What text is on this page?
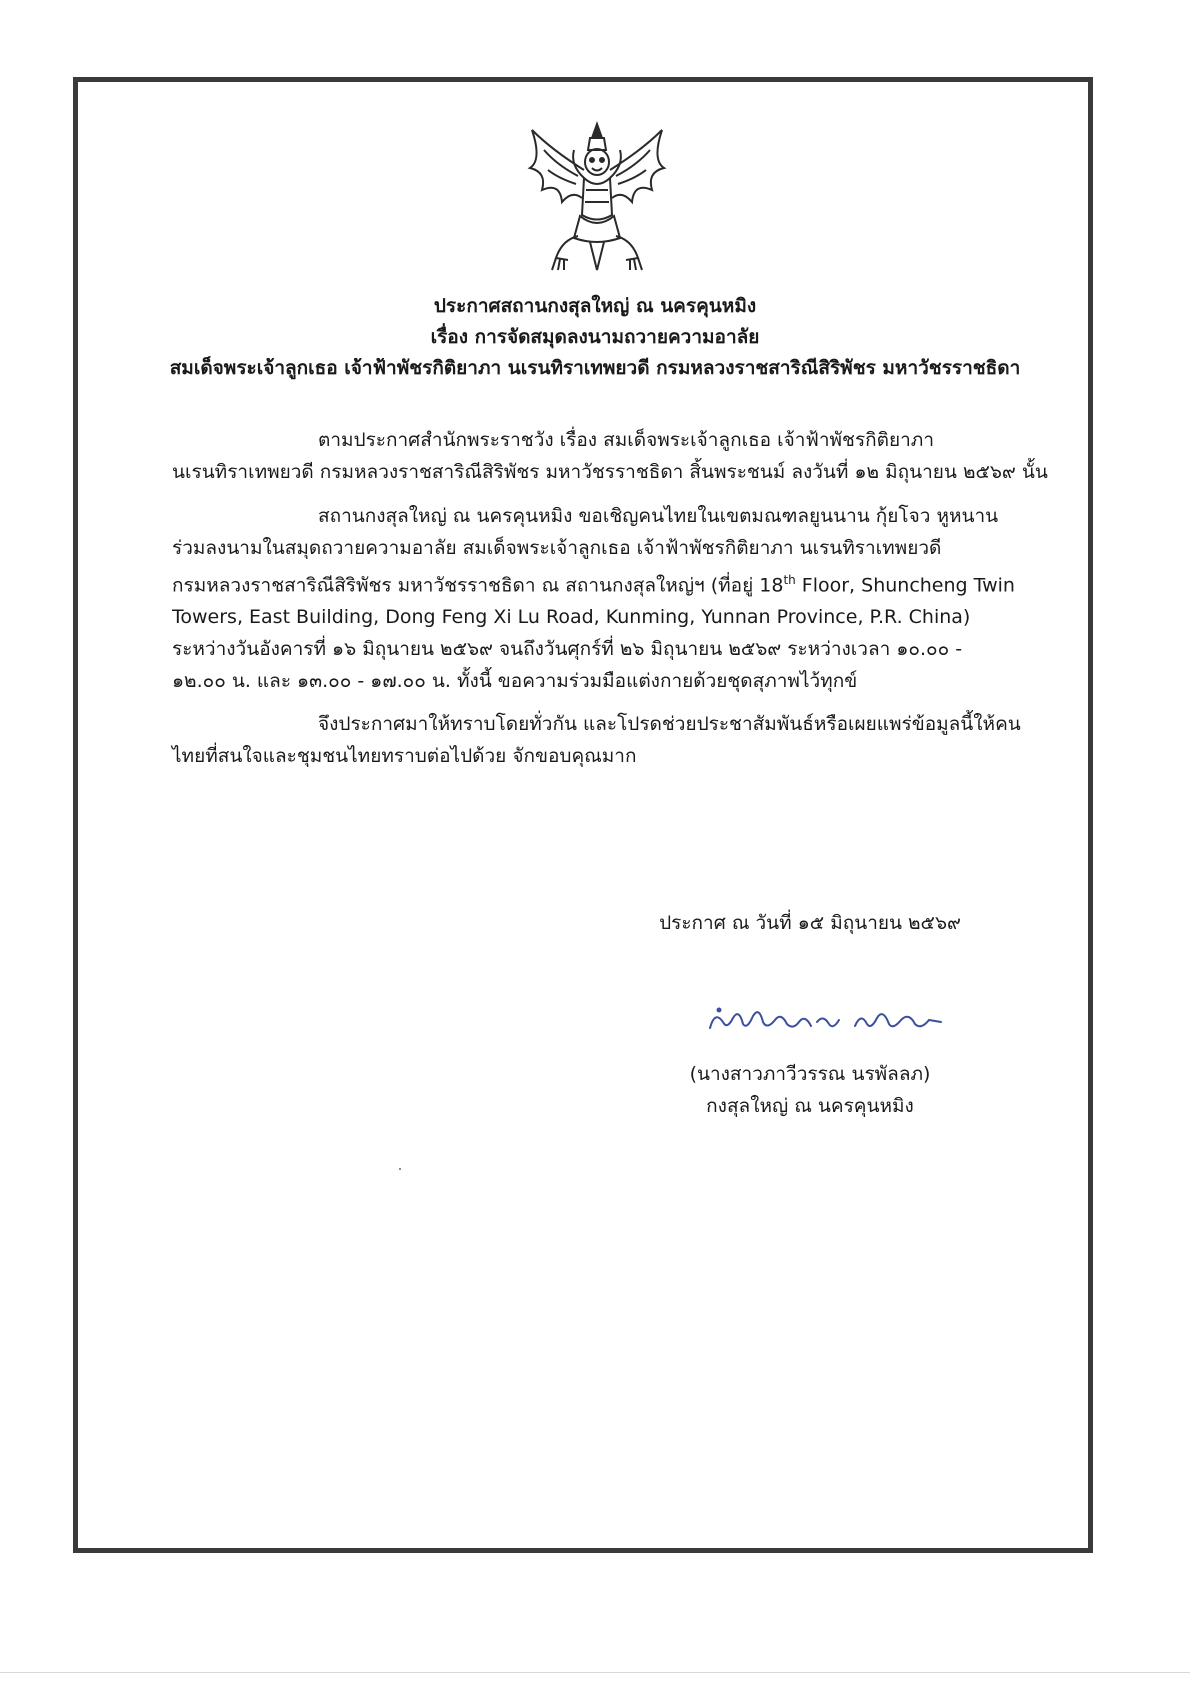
ประกาศสถานกงสุลใหญ่ ณ นครคุนหมิง
เรื่อง การจัดสมุดลงนามถวายความอาลัย
สมเด็จพระเจ้าลูกเธอ เจ้าฟ้าพัชรกิติยาภา นเรนทิราเทพยวดี กรมหลวงราชสาริณีสิริพัชร มหาวัชรราชธิดา
ตามประกาศสำนักพระราชวัง เรื่อง สมเด็จพระเจ้าลูกเธอ เจ้าฟ้าพัชรกิติยาภา
นเรนทิราเทพยวดี กรมหลวงราชสาริณีสิริพัชร มหาวัชรราชธิดา สิ้นพระชนม์ ลงวันที่ ๑๒ มิถุนายน ๒๕๖๙ นั้น
สถานกงสุลใหญ่ ณ นครคุนหมิง ขอเชิญคนไทยในเขตมณฑลยูนนาน กุ้ยโจว หูหนาน
ร่วมลงนามในสมุดถวายความอาลัย สมเด็จพระเจ้าลูกเธอ เจ้าฟ้าพัชรกิติยาภา นเรนทิราเทพยวดี
กรมหลวงราชสาริณีสิริพัชร มหาวัชรราชธิดา ณ สถานกงสุลใหญ่ฯ (ที่อยู่ 18th Floor, Shuncheng Twin
Towers, East Building, Dong Feng Xi Lu Road, Kunming, Yunnan Province, P.R. China)
ระหว่างวันอังคารที่ ๑๖ มิถุนายน ๒๕๖๙ จนถึงวันศุกร์ที่ ๒๖ มิถุนายน ๒๕๖๙ ระหว่างเวลา ๑๐.๐๐ -
๑๒.๐๐ น. และ ๑๓.๐๐ - ๑๗.๐๐ น. ทั้งนี้ ขอความร่วมมือแต่งกายด้วยชุดสุภาพไว้ทุกข์
จึงประกาศมาให้ทราบโดยทั่วกัน และโปรดช่วยประชาสัมพันธ์หรือเผยแพร่ข้อมูลนี้ให้คน
ไทยที่สนใจและชุมชนไทยทราบต่อไปด้วย จักขอบคุณมาก
ประกาศ ณ วันที่ ๑๕ มิถุนายน ๒๕๖๙
(นางสาวภาวีวรรณ นรพัลลภ)
กงสุลใหญ่ ณ นครคุนหมิง
